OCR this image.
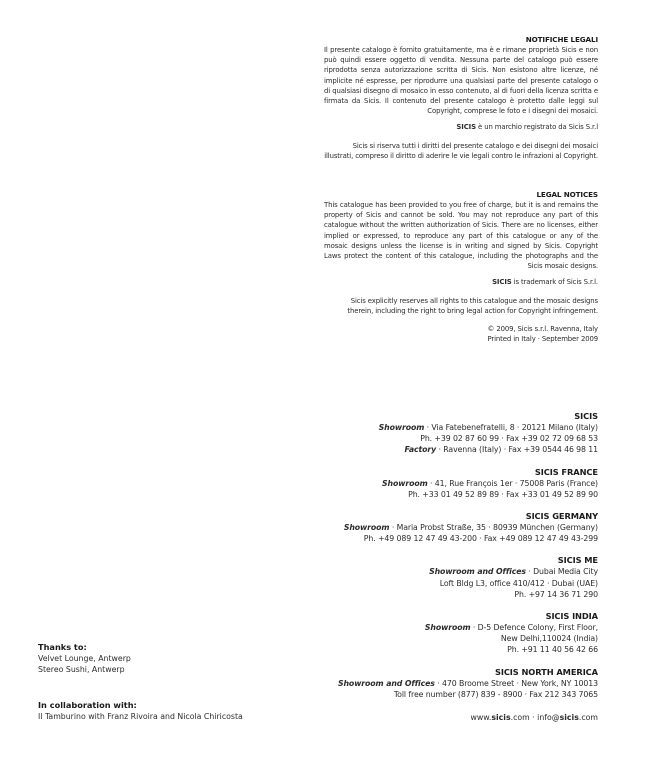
NOTIFICHE LEGALI

Il presente catalogo è fornito gratuitamente, ma è e rimane proprietà Sicis e non può quindi essere oggetto di vendita. Nessuna parte del catalogo può essere riprodotta senza autorizzazione scritta di Sicis. Non esistono altre licenze, né implicite né espresse, per riprodurre una qualsiasi parte del presente catalogo o di qualsiasi disegno di mosaico in esso contenuto, al di fuori della licenza scritta e firmata da Sicis. Il contenuto del presente catalogo è protetto dalle leggi sul Copyright, comprese le foto e i disegni dei mosaici.

SICIS è un marchio registrato da Sicis S.r.l

Sicis si riserva tutti i diritti del presente catalogo e dei disegni dei mosaici illustrati, compreso il diritto di aderire le vie legali contro le infrazioni al Copyright.

LEGAL NOTICES

This catalogue has been provided to you free of charge, but it is and remains the property of Sicis and cannot be sold. You may not reproduce any part of this catalogue without the written authorization of Sicis. There are no licenses, either implied or expressed, to reproduce any part of this catalogue or any of the mosaic designs unless the license is in writing and signed by Sicis. Copyright Laws protect the content of this catalogue, including the photographs and the Sicis mosaic designs.

SICIS is trademark of Sicis S.r.l.

Sicis explicitly reserves all rights to this catalogue and the mosaic designs therein, including the right to bring legal action for Copyright infringement.

© 2009, Sicis s.r.l. Ravenna, Italy

Printed in Italy · September 2009

SICIS

Showroom · Via Fatebenefratelli, 8 · 20121 Milano (Italy)

Ph. +39 02 87 60 99 · Fax +39 02 72 09 68 53

Factory · Ravenna (Italy) · Fax +39 0544 46 98 11

SICIS FRANCE

Showroom · 41, Rue François 1er · 75008 Paris (France)

Ph. +33 01 49 52 89 89 · Fax +33 01 49 52 89 90

SICIS GERMANY

Showroom · Maria Probst Straße, 35 · 80939 München (Germany)

Ph. +49 089 12 47 49 43-200 · Fax +49 089 12 47 49 43-299

SICIS ME

Showroom and Offices · Dubai Media City

Loft Bldg L3, office 410/412 · Dubai (UAE)

Ph. +97 14 36 71 290

SICIS INDIA

Showroom · D-5 Defence Colony, First Floor,

New Delhi,110024 (India)

Ph. +91 11 40 56 42 66

SICIS NORTH AMERICA

Showroom and Offices · 470 Broome Street · New York, NY 10013

Toll free number (877) 839 - 8900 · Fax 212 343 7065

www.sicis.com · info@sicis.com
Thanks to:

Velvet Lounge, Antwerp

Stereo Sushi, Antwerp

In collaboration with:

Il Tamburino with Franz Rivoira and Nicola Chiricosta
